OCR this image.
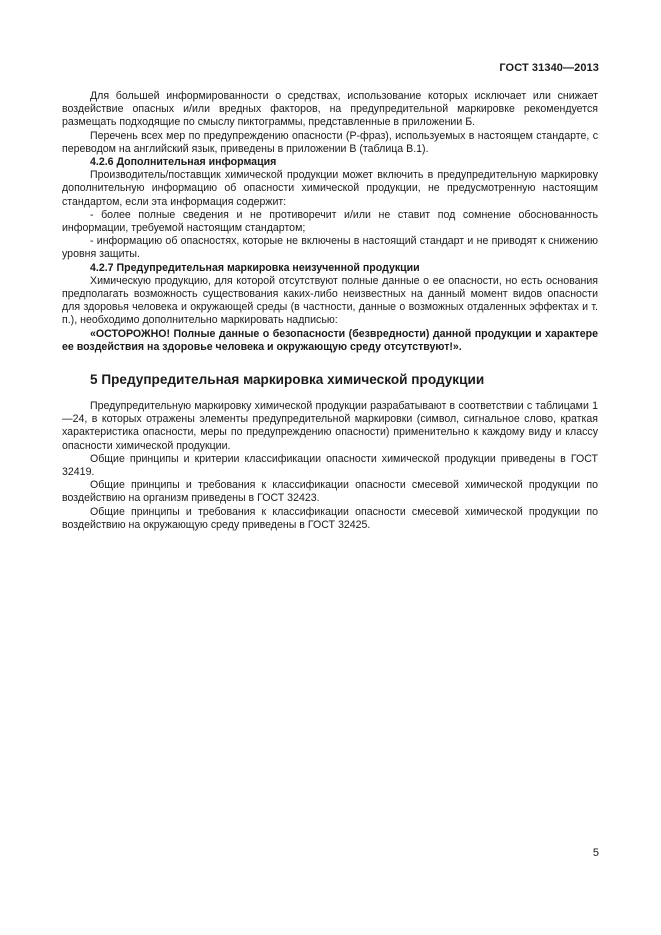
ГОСТ 31340—2013

Для большей информированности о средствах, использование которых исключает или снижает воздействие опасных и/или вредных факторов, на предупредительной маркировке рекомендуется размещать подходящие по смыслу пиктограммы, представленные в приложении Б.

Перечень всех мер по предупреждению опасности (Р-фраз), используемых в настоящем стандарте, с переводом на английский язык, приведены в приложении В (таблица В.1).

4.2.6 Дополнительная информация

Производитель/поставщик химической продукции может включить в предупредительную маркировку дополнительную информацию об опасности химической продукции, не предусмотренную настоящим стандартом, если эта информация содержит:

- более полные сведения и не противоречит и/или не ставит под сомнение обоснованность информации, требуемой настоящим стандартом;

- информацию об опасностях, которые не включены в настоящий стандарт и не приводят к снижению уровня защиты.

4.2.7 Предупредительная маркировка неизученной продукции

Химическую продукцию, для которой отсутствуют полные данные о ее опасности, но есть основания предполагать возможность существования каких-либо неизвестных на данный момент видов опасности для здоровья человека и окружающей среды (в частности, данные о возможных отдаленных эффектах и т. п.), необходимо дополнительно маркировать надписью:

«ОСТОРОЖНО! Полные данные о безопасности (безвредности) данной продукции и характере ее воздействия на здоровье человека и окружающую среду отсутствуют!».

5 Предупредительная маркировка химической продукции

Предупредительную маркировку химической продукции разрабатывают в соответствии с таблицами 1—24, в которых отражены элементы предупредительной маркировки (символ, сигнальное слово, краткая характеристика опасности, меры по предупреждению опасности) применительно к каждому виду и классу опасности химической продукции.

Общие принципы и критерии классификации опасности химической продукции приведены в ГОСТ 32419.

Общие принципы и требования к классификации опасности смесевой химической продукции по воздействию на организм приведены в ГОСТ 32423.

Общие принципы и требования к классификации опасности смесевой химической продукции по воздействию на окружающую среду приведены в ГОСТ 32425.

5
